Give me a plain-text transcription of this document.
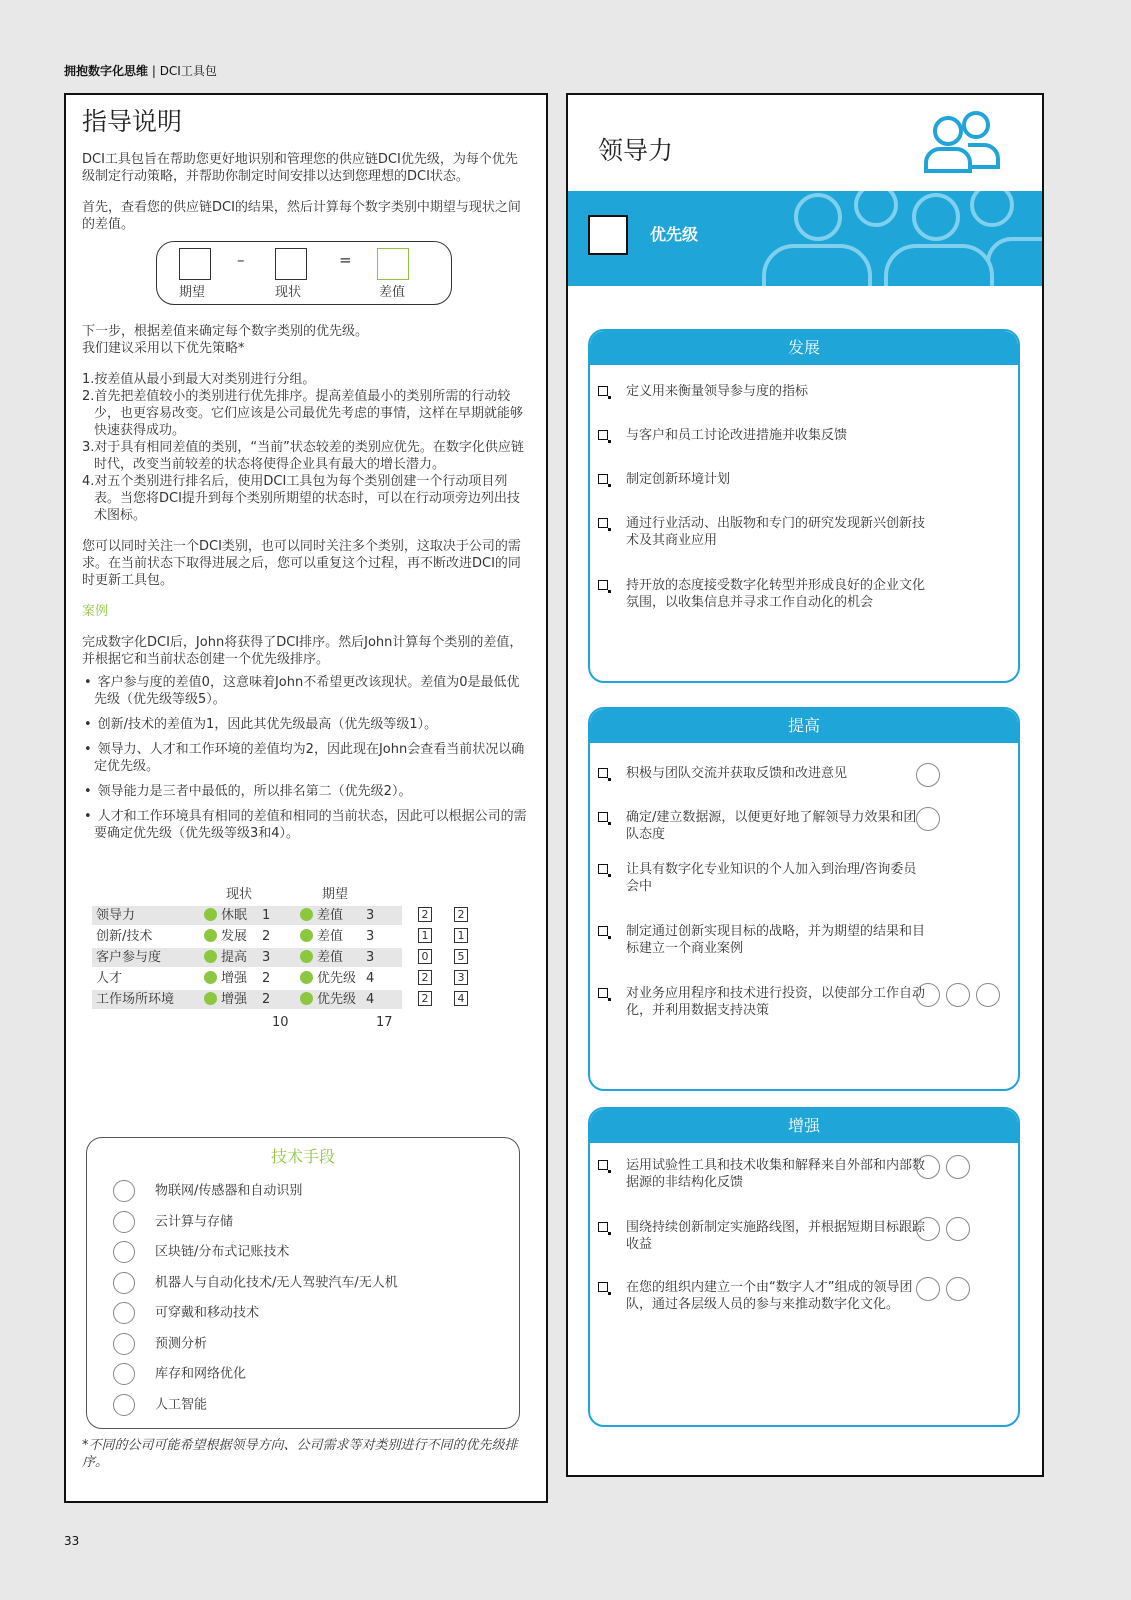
拥抱数字化思维 | DCI工具包
指导说明

DCI工具包旨在帮助您更好地识别和管理您的供应链DCI优先级，为每个优先级制定行动策略，并帮助你制定时间安排以达到您理想的DCI状态。

首先，查看您的供应链DCI的结果，然后计算每个数字类别中期望与现状之间的差值。

–	=
期望	现状	差值

下一步，根据差值来确定每个数字类别的优先级。
我们建议采用以下优先策略*

1.按差值从最小到最大对类别进行分组。
2.首先把差值较小的类别进行优先排序。提高差值最小的类别所需的行动较少，也更容易改变。它们应该是公司最优先考虑的事情，这样在早期就能够快速获得成功。
3.对于具有相同差值的类别，“当前”状态较差的类别应优先。在数字化供应链时代，改变当前较差的状态将使得企业具有最大的增长潜力。
4.对五个类别进行排名后，使用DCI工具包为每个类别创建一个行动项目列表。当您将DCI提升到每个类别所期望的状态时，可以在行动项旁边列出技术图标。

您可以同时关注一个DCI类别，也可以同时关注多个类别，这取决于公司的需求。在当前状态下取得进展之后，您可以重复这个过程，再不断改进DCI的同时更新工具包。

案例

完成数字化DCI后，John将获得了DCI排序。然后John计算每个类别的差值，并根据它和当前状态创建一个优先级排序。

• 客户参与度的差值0，这意味着John不希望更改该现状。差值为0是最低优先级（优先级等级5）。
• 创新/技术的差值为1，因此其优先级最高（优先级等级1）。
• 领导力、人才和工作环境的差值均为2，因此现在John会查看当前状况以确定优先级。
• 领导能力是三者中最低的，所以排名第二（优先级2）。
• 人才和工作环境具有相同的差值和相同的当前状态，因此可以根据公司的需要确定优先级（优先级等级3和4）。
现状	期望
领导力	休眠 1	差值 3	2	2
创新/技术	发展 2	差值 3	1	1
客户参与度	提高 3	差值 3	0	5
人才	增强 2	优先级 4	2	3
工作场所环境	增强 2	优先级 4	2	4
10	17
技术手段
物联网/传感器和自动识别
云计算与存储
区块链/分布式记账技术
机器人与自动化技术/无人驾驶汽车/无人机
可穿戴和移动技术
预测分析
库存和网络优化
人工智能
*不同的公司可能希望根据领导方向、公司需求等对类别进行不同的优先级排序。
领导力
优先级
发展
定义用来衡量领导参与度的指标
与客户和员工讨论改进措施并收集反馈
制定创新环境计划
通过行业活动、出版物和专门的研究发现新兴创新技术及其商业应用
持开放的态度接受数字化转型并形成良好的企业文化氛围，以收集信息并寻求工作自动化的机会
提高
积极与团队交流并获取反馈和改进意见
确定/建立数据源，以便更好地了解领导力效果和团队态度
让具有数字化专业知识的个人加入到治理/咨询委员会中
制定通过创新实现目标的战略，并为期望的结果和目标建立一个商业案例
对业务应用程序和技术进行投资，以使部分工作自动化，并利用数据支持决策
增强
运用试验性工具和技术收集和解释来自外部和内部数据源的非结构化反馈
围绕持续创新制定实施路线图，并根据短期目标跟踪收益
在您的组织内建立一个由“数字人才”组成的领导团队，通过各层级人员的参与来推动数字化文化。
33
